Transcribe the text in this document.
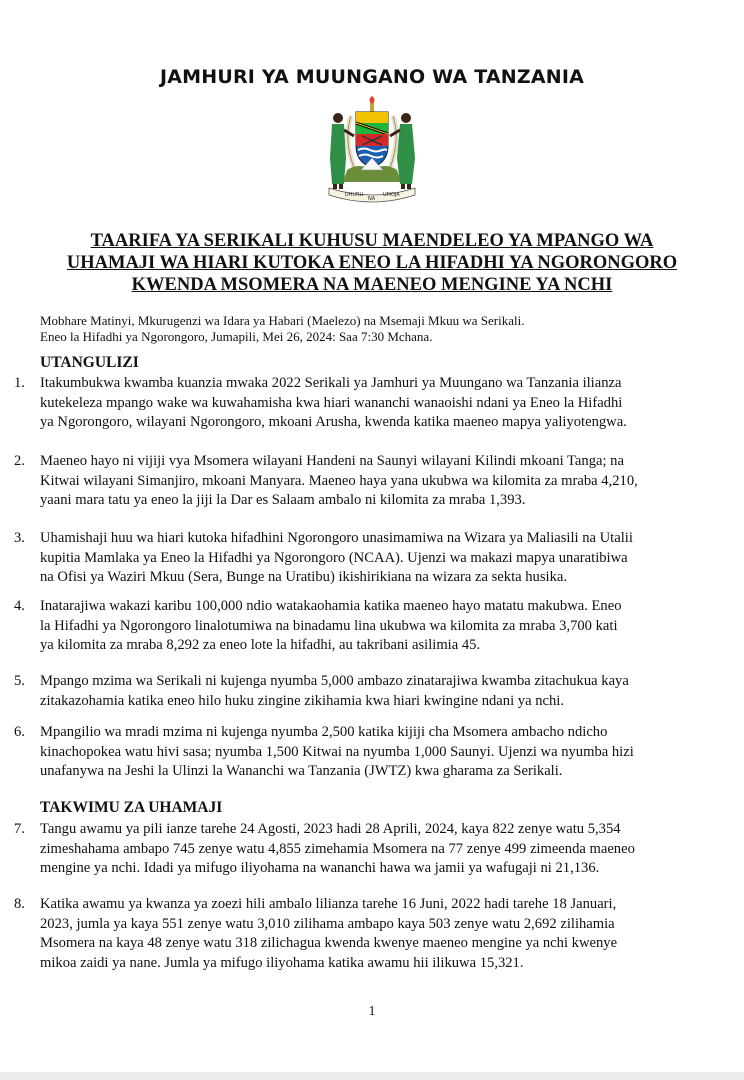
JAMHURI YA MUUNGANO WA TANZANIA
UHURU
NA
UMOJA
TAARIFA YA SERIKALI KUHUSU MAENDELEO YA MPANGO WA
UHAMAJI WA HIARI KUTOKA ENEO LA HIFADHI YA NGORONGORO
KWENDA MSOMERA NA MAENEO MENGINE YA NCHI
Mobhare Matinyi, Mkurugenzi wa Idara ya Habari (Maelezo) na Msemaji Mkuu wa Serikali.
Eneo la Hifadhi ya Ngorongoro, Jumapili, Mei 26, 2024: Saa 7:30 Mchana.
UTANGULIZI
1.	Itakumbukwa kwamba kuanzia mwaka 2022 Serikali ya Jamhuri ya Muungano wa Tanzania ilianza
kutekeleza mpango wake wa kuwahamisha kwa hiari wananchi wanaoishi ndani ya Eneo la Hifadhi
ya Ngorongoro, wilayani Ngorongoro, mkoani Arusha, kwenda katika maeneo mapya yaliyotengwa.
2.	Maeneo hayo ni vijiji vya Msomera wilayani Handeni na Saunyi wilayani Kilindi mkoani Tanga; na
Kitwai wilayani Simanjiro, mkoani Manyara. Maeneo haya yana ukubwa wa kilomita za mraba 4,210,
yaani mara tatu ya eneo la jiji la Dar es Salaam ambalo ni kilomita za mraba 1,393.
3.	Uhamishaji huu wa hiari kutoka hifadhini Ngorongoro unasimamiwa na Wizara ya Maliasili na Utalii
kupitia Mamlaka ya Eneo la Hifadhi ya Ngorongoro (NCAA). Ujenzi wa makazi mapya unaratibiwa
na Ofisi ya Waziri Mkuu (Sera, Bunge na Uratibu) ikishirikiana na wizara za sekta husika.
4.	Inatarajiwa wakazi karibu 100,000 ndio watakaohamia katika maeneo hayo matatu makubwa. Eneo
la Hifadhi ya Ngorongoro linalotumiwa na binadamu lina ukubwa wa kilomita za mraba 3,700 kati
ya kilomita za mraba 8,292 za eneo lote la hifadhi, au takribani asilimia 45.
5.	Mpango mzima wa Serikali ni kujenga nyumba 5,000 ambazo zinatarajiwa kwamba zitachukua kaya
zitakazohamia katika eneo hilo huku zingine zikihamia kwa hiari kwingine ndani ya nchi.
6.	Mpangilio wa mradi mzima ni kujenga nyumba 2,500 katika kijiji cha Msomera ambacho ndicho
kinachopokea watu hivi sasa; nyumba 1,500 Kitwai na nyumba 1,000 Saunyi. Ujenzi wa nyumba hizi
unafanywa na Jeshi la Ulinzi la Wananchi wa Tanzania (JWTZ) kwa gharama za Serikali.
TAKWIMU ZA UHAMAJI
7.	Tangu awamu ya pili ianze tarehe 24 Agosti, 2023 hadi 28 Aprili, 2024, kaya 822 zenye watu 5,354
zimeshahama ambapo 745 zenye watu 4,855 zimehamia Msomera na 77 zenye 499 zimeenda maeneo
mengine ya nchi. Idadi ya mifugo iliyohama na wananchi hawa wa jamii ya wafugaji ni 21,136.
8.	Katika awamu ya kwanza ya zoezi hili ambalo lilianza tarehe 16 Juni, 2022 hadi tarehe 18 Januari,
2023, jumla ya kaya 551 zenye watu 3,010 zilihama ambapo kaya 503 zenye watu 2,692 zilihamia
Msomera na kaya 48 zenye watu 318 zilichagua kwenda kwenye maeneo mengine ya nchi kwenye
mikoa zaidi ya nane. Jumla ya mifugo iliyohama katika awamu hii ilikuwa 15,321.
1
